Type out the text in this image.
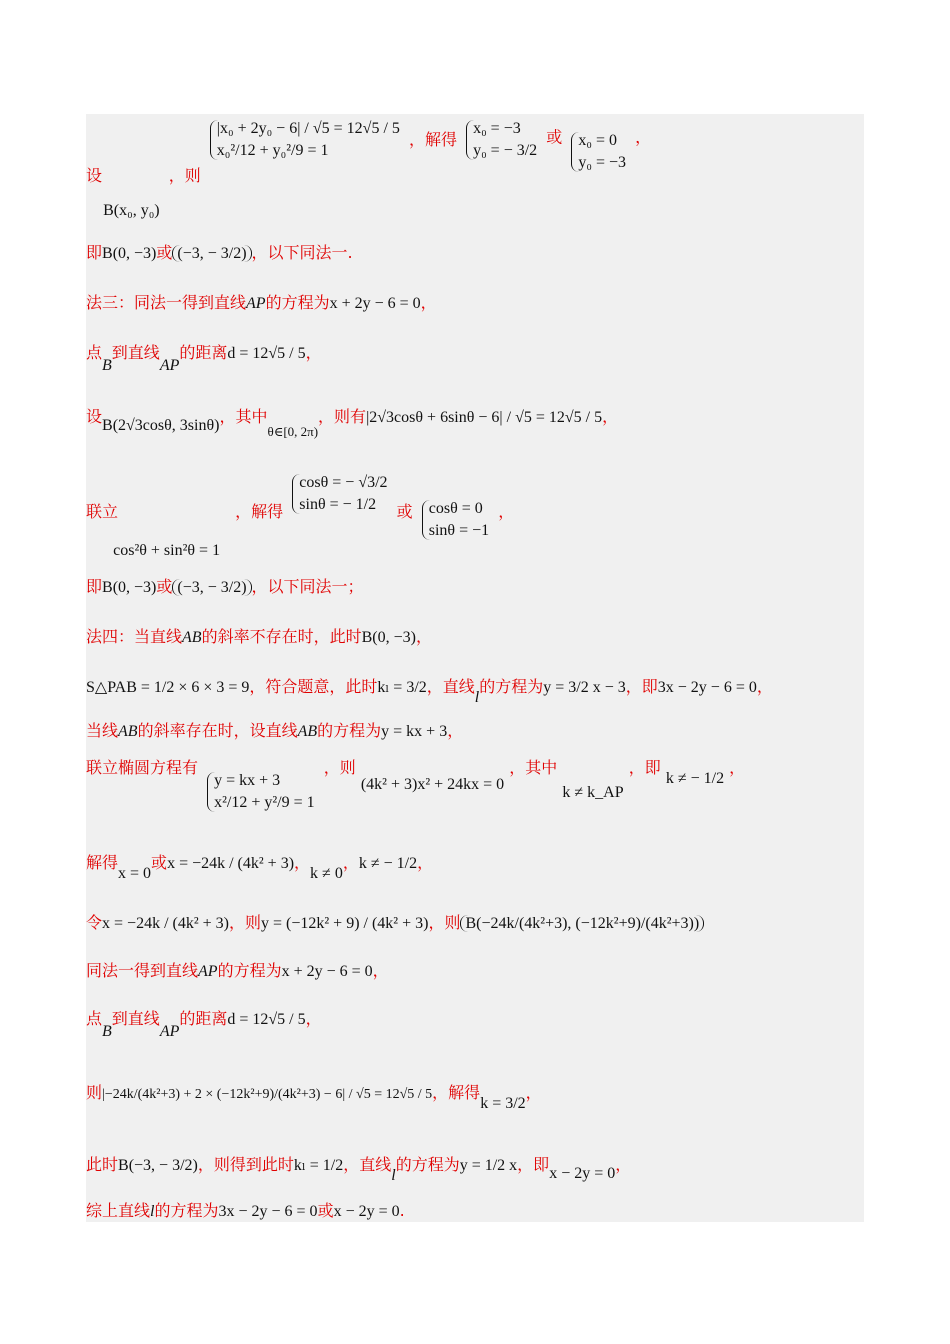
设 B(x₀, y₀) ，则
|x₀ + 2y₀ − 6| / √5 = 12√5 / 5
x₀²/12 + y₀²/9 = 1
，解得
x₀ = −3
y₀ = − 3/2
或 x₀ = 0
y₀ = −3
，
即B(0, −3)或 (−3, − 3/2) ，以下同法一.
法三：同法一得到直线AP的方程为x + 2y − 6 = 0，
点B到直线AP的距离d = 12√5 / 5，
设B(2√3cosθ, 3sinθ)，其中$_{\theta\in[0, 2\pi)}$，则有|2√3cosθ + 6sinθ − 6| / √5 = 12√5 / 5，
联立 cos²θ + sin²θ = 1 ，解得
cosθ = − √3/2
sinθ = − 1/2	或 cosθ = 0
sinθ = −1
，
即B(0, −3)或 (−3, − 3/2) ，以下同法一；
法四：当直线AB的斜率不存在时，此时B(0, −3)，
S△PAB = 1/2 × 6 × 3 = 9，符合题意，此时kₗ = 3/2，直线l的方程为y = 3/2 x − 3，即3x − 2y − 6 = 0，
当线AB的斜率存在时，设直线AB的方程为y = kx + 3，
联立椭圆方程有
y = kx + 3
x²/12 + y²/9 = 1
，则 (4k² + 3)x² + 24kx = 0 ，其中 k ≠ k_AP ，即 k ≠ − 1/2 ，
解得x = 0或x = −24k / (4k² + 3)，k ≠ 0，k ≠ − 1/2，
令x = −24k / (4k² + 3)，则y = (−12k² + 9) / (4k² + 3)，则 B(−24k/(4k²+3), (−12k²+9)/(4k²+3))
同法一得到直线AP的方程为x + 2y − 6 = 0，
点B到直线AP的距离d = 12√5 / 5，
则|−24k/(4k²+3) + 2 × (−12k²+9)/(4k²+3) − 6| / √5 = 12√5 / 5，解得k = 3/2，
此时B(−3, − 3/2)，则得到此时kₗ = 1/2，直线l的方程为y = 1/2 x，即x − 2y = 0，
综上直线l的方程为3x − 2y − 6 = 0或x − 2y = 0.
